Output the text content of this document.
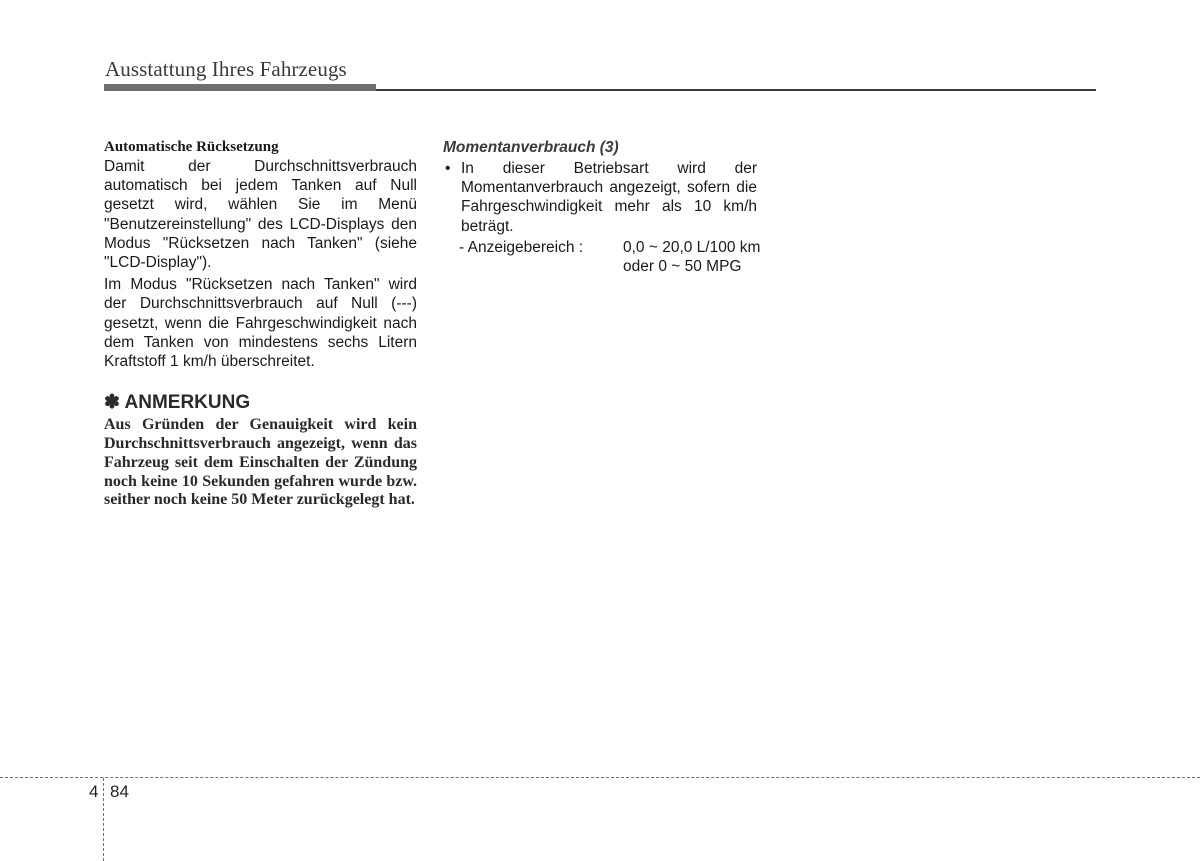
Ausstattung Ihres Fahrzeugs

Automatische Rücksetzung

Damit der Durchschnittsverbrauch automatisch bei jedem Tanken auf Null gesetzt wird, wählen Sie im Menü "Benutzereinstellung" des LCD-Displays den Modus "Rücksetzen nach Tanken" (siehe "LCD-Display").

Im Modus "Rücksetzen nach Tanken" wird der Durchschnittsverbrauch auf Null (---) gesetzt, wenn die Fahrgeschwindigkeit nach dem Tanken von mindestens sechs Litern Kraftstoff 1 km/h überschreitet.

✽ ANMERKUNG

Aus Gründen der Genauigkeit wird kein Durchschnittsverbrauch angezeigt, wenn das Fahrzeug seit dem Einschalten der Zündung noch keine 10 Sekunden gefahren wurde bzw. seither noch keine 50 Meter zurückgelegt hat.

Momentanverbrauch (3)

• In dieser Betriebsart wird der Momentanverbrauch angezeigt, sofern die Fahrgeschwindigkeit mehr als 10 km/h beträgt.
- Anzeigebereich :	0,0 ~ 20,0 L/100 km
oder 0 ~ 50 MPG
4 84
